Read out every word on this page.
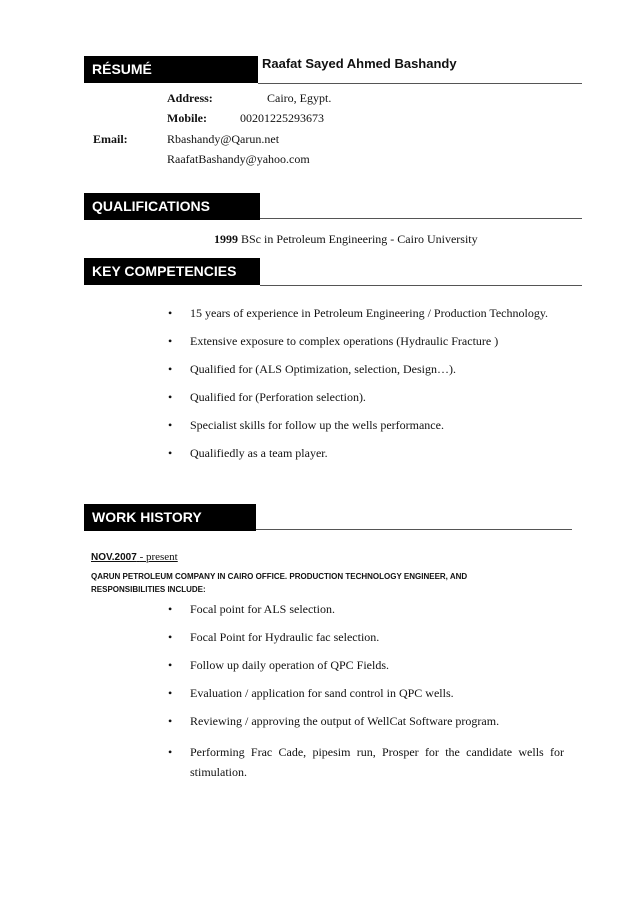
RÉSUMÉ	Raafat Sayed Ahmed Bashandy
Address:	Cairo, Egypt.
Mobile:	00201225293673
Email:	Rbashandy@Qarun.net
RaafatBashandy@yahoo.com
QUALIFICATIONS
1999 BSc in Petroleum Engineering - Cairo University
KEY COMPETENCIES
• 15 years of experience in Petroleum Engineering / Production Technology.
• Extensive exposure to complex operations (Hydraulic Fracture )
• Qualified for (ALS Optimization, selection, Design…).
• Qualified for (Perforation selection).
• Specialist skills for follow up the wells performance.
• Qualifiedly as a team player.
WORK HISTORY
NOV.2007 - present
QARUN PETROLEUM COMPANY IN CAIRO OFFICE. PRODUCTION TECHNOLOGY ENGINEER, AND
RESPONSIBILITIES INCLUDE:
• Focal point for ALS selection.
• Focal Point for Hydraulic fac selection.
• Follow up daily operation of QPC Fields.
• Evaluation / application for sand control in QPC wells.
• Reviewing / approving the output of WellCat Software program.
• Performing Frac Cade, pipesim run, Prosper for the candidate wells for stimulation.
